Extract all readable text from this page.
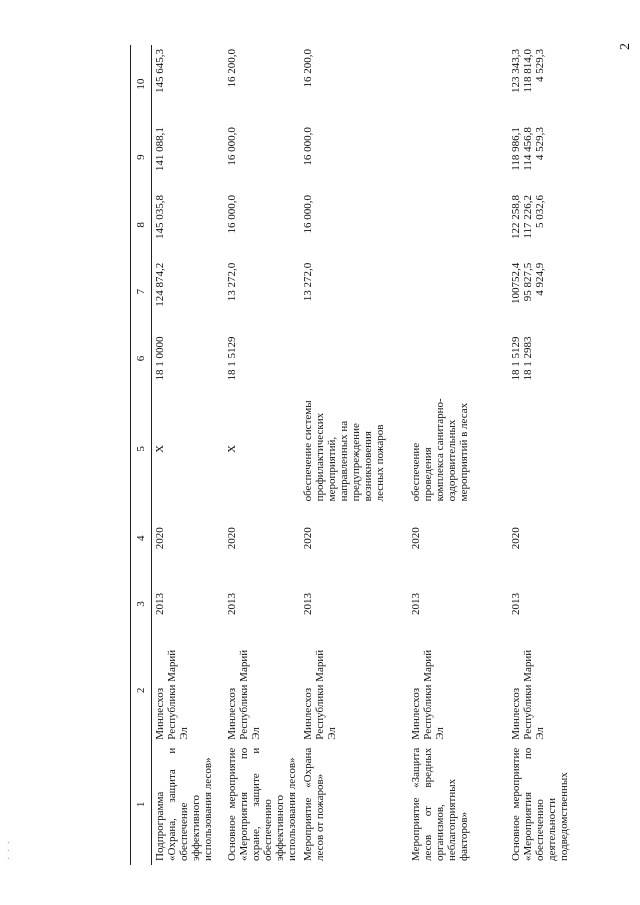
2
· · ·
1	2	3	4	5	6	7	8	9	10
Подпрограмма «Охрана, защита и обеспечение эффективного использования лесов»	Минлесхоз Республики Марий Эл	2013	2020	Х	18 1 0000	124 874,2	145 035,8	141 088,1	145 645,3
Основное мероприятие «Мероприятия по охране, защите и обеспечению эффективного использования лесов»	Минлесхоз Республики Марий Эл	2013	2020	Х	18 1 5129	13 272,0	16 000,0	16 000,0	16 200,0
Мероприятие «Охрана лесов от пожаров»	Минлесхоз Республики Марий Эл	2013	2020	обеспечение системы профилактических мероприятий, направленных на предупреждение возникновения лесных пожаров		13 272,0	16 000,0	16 000,0	16 200,0
Мероприятие «Защита лесов от вредных организмов, неблагоприятных факторов»	Минлесхоз Республики Марий Эл	2013	2020	обеспечение проведения комплекса санитарно-оздоровительных мероприятий в лесах					
Основное мероприятие «Мероприятия по обеспечению деятельности подведомственных	Минлесхоз Республики Марий Эл	2013	2020		18 1 5129 18 1 2983	100752,4 95 827,5 4 924,9	122 258,8 117 226,2 5 032,6	118 986,1 114 456,8 4 529,3	123 343,3 118 814,0 4 529,3
